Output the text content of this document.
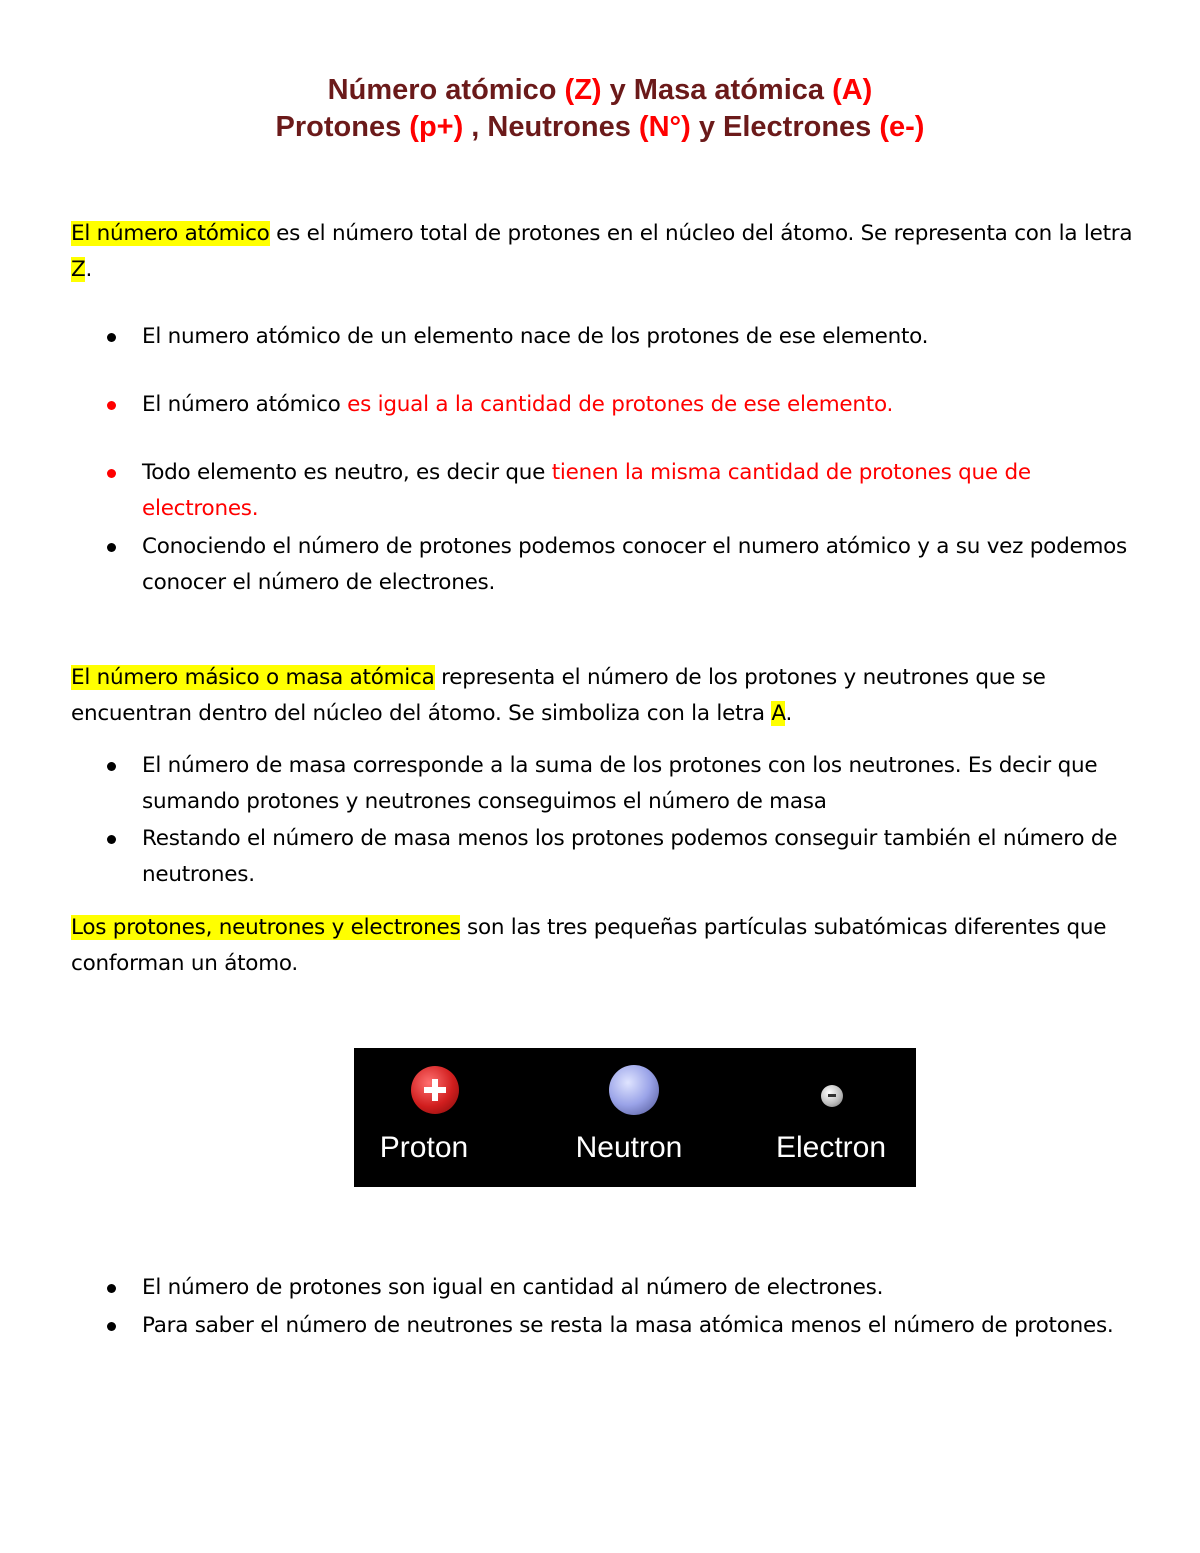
Número atómico (Z) y Masa atómica (A)
Protones (p+) , Neutrones (N°) y Electrones (e-)
El número atómico es el número total de protones en el núcleo del átomo. Se representa con la letra Z.
El numero atómico de un elemento nace de los protones de ese elemento.
El número atómico es igual a la cantidad de protones de ese elemento.
Todo elemento es neutro, es decir que tienen la misma cantidad de protones que de electrones.
Conociendo el número de protones podemos conocer el numero atómico y a su vez podemos conocer el número de electrones.
El número másico o masa atómica representa el número de los protones y neutrones que se encuentran dentro del núcleo del átomo. Se simboliza con la letra A.
El número de masa corresponde a la suma de los protones con los neutrones. Es decir que sumando protones y neutrones conseguimos el número de masa
Restando el número de masa menos los protones podemos conseguir también el número de neutrones.
Los protones, neutrones y electrones son las tres pequeñas partículas subatómicas diferentes que conforman un átomo.
Proton	Neutron	Electron
El número de protones son igual en cantidad al número de electrones.
Para saber el número de neutrones se resta la masa atómica menos el número de protones.
